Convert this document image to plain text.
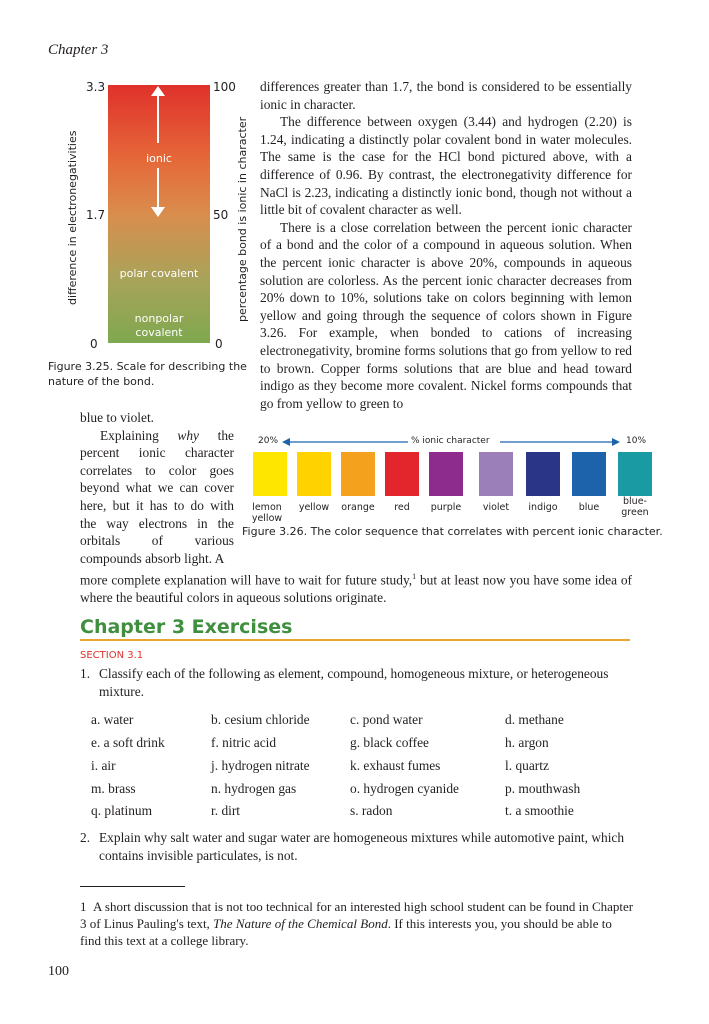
Chapter 3
3.3
1.7
0
100
50
0
difference in electronegativities	percentage bond is ionic in character
ionic
polar covalent
nonpolar
covalent
Figure 3.25. Scale for describing the
nature of the bond.

differences greater than 1.7, the bond is considered to be essentially ionic in character.

The difference between oxygen (3.44) and hydrogen (2.20) is 1.24, indicating a distinctly polar covalent bond in water molecules. The same is the case for the HCl bond pictured above, with a difference of 0.96. By contrast, the electronegativity difference for NaCl is 2.23, indicating a distinctly ionic bond, though not without a little bit of covalent character as well.

There is a close correlation between the percent ionic character of a bond and the color of a compound in aqueous solution. When the percent ionic character is above 20%, compounds in aqueous solution are colorless. As the percent ionic character decreases from 20% down to 10%, solutions take on colors beginning with lemon yellow and going through the sequence of colors shown in Figure 3.26. For example, when bonded to cations of increasing electronegativity, bromine forms solutions that go from yellow to red to brown. Copper forms solutions that are blue and head toward indigo as they become more covalent. Nickel forms compounds that go from yellow to green to

blue to violet.

Explaining why the percent ionic character correlates to color goes beyond what we can cover here, but it has to do with the way electrons in the orbitals of various compounds absorb light. A

more complete explanation will have to wait for future study,$^1$ but at least now you have some idea of where the beautiful colors in aqueous solutions originate.
20%	% ionic character	10%
lemon
yellow
yellow	orange	red	purple	violet	indigo	blue
blue-
green
Figure 3.26. The color sequence that correlates with percent ionic character.
Chapter 3 Exercises
SECTION 3.1
1. Classify each of the following as element, compound, homogeneous mixture, or heterogeneous mixture.
a. water	b. cesium chloride	c. pond water	d. methane
e. a soft drink	f. nitric acid	g. black coffee	h. argon
i. air	j. hydrogen nitrate	k. exhaust fumes	l. quartz
m. brass	n. hydrogen gas	o. hydrogen cyanide	p. mouthwash
q. platinum	r. dirt	s. radon	t. a smoothie
2. Explain why salt water and sugar water are homogeneous mixtures while automotive paint, which contains invisible particulates, is not.
1 A short discussion that is not too technical for an interested high school student can be found in Chapter 3 of Linus Pauling's text, The Nature of the Chemical Bond. If this interests you, you should be able to find this text at a college library.
100
